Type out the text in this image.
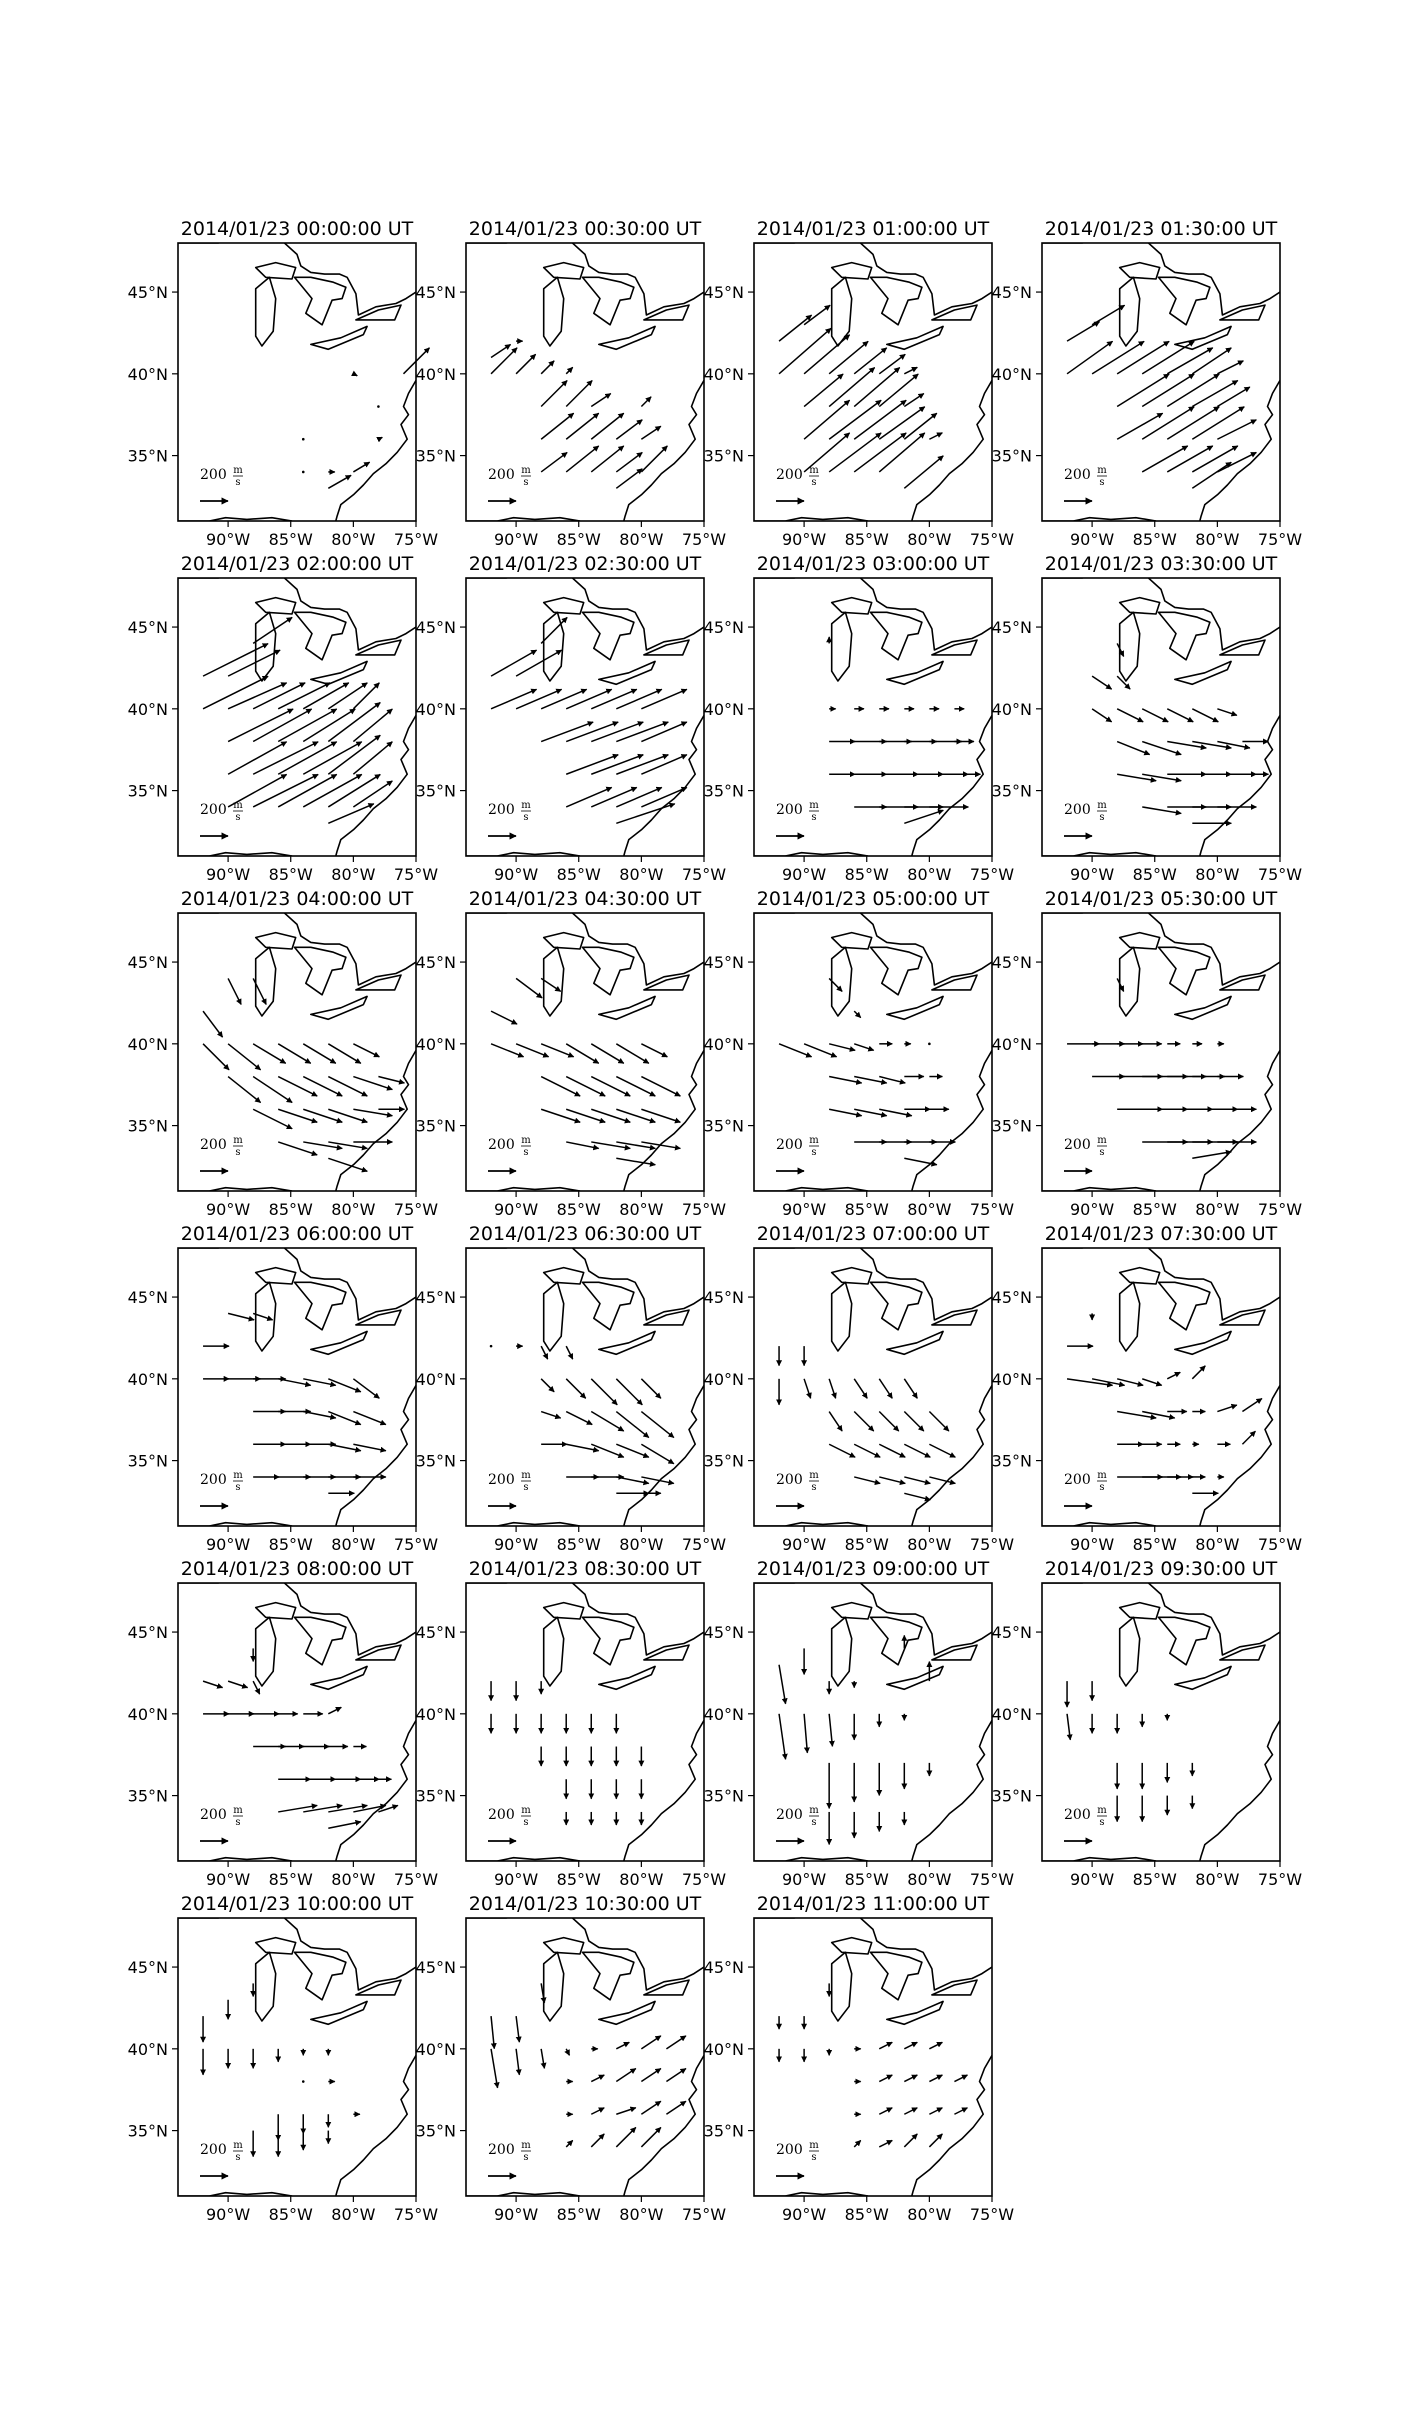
2014/01/23 00:00:00 UT
200 m
s
90°W 85°W 80°W 75°W
45°N
40°N
35°N
2014/01/23 00:30:00 UT
200 m
s
90°W 85°W 80°W 75°W
45°N
40°N
35°N
2014/01/23 01:00:00 UT
200 m
s
90°W 85°W 80°W 75°W
45°N
40°N
35°N
2014/01/23 01:30:00 UT
200 m
s
90°W 85°W 80°W 75°W
45°N
40°N
35°N
2014/01/23 02:00:00 UT
200 m
s
90°W 85°W 80°W 75°W
45°N
40°N
35°N
2014/01/23 02:30:00 UT
200 m
s
90°W 85°W 80°W 75°W
45°N
40°N
35°N
2014/01/23 03:00:00 UT
200 m
s
90°W 85°W 80°W 75°W
45°N
40°N
35°N
2014/01/23 03:30:00 UT
200 m
s
90°W 85°W 80°W 75°W
45°N
40°N
35°N
2014/01/23 04:00:00 UT
200 m
s
90°W 85°W 80°W 75°W
45°N
40°N
35°N
2014/01/23 04:30:00 UT
200 m
s
90°W 85°W 80°W 75°W
45°N
40°N
35°N
2014/01/23 05:00:00 UT
200 m
s
90°W 85°W 80°W 75°W
45°N
40°N
35°N
2014/01/23 05:30:00 UT
200 m
s
90°W 85°W 80°W 75°W
45°N
40°N
35°N
2014/01/23 06:00:00 UT
200 m
s
90°W 85°W 80°W 75°W
45°N
40°N
35°N
2014/01/23 06:30:00 UT
200 m
s
90°W 85°W 80°W 75°W
45°N
40°N
35°N
2014/01/23 07:00:00 UT
200 m
s
90°W 85°W 80°W 75°W
45°N
40°N
35°N
2014/01/23 07:30:00 UT
200 m
s
90°W 85°W 80°W 75°W
45°N
40°N
35°N
2014/01/23 08:00:00 UT
200 m
s
90°W 85°W 80°W 75°W
45°N
40°N
35°N
2014/01/23 08:30:00 UT
200 m
s
90°W 85°W 80°W 75°W
45°N
40°N
35°N
2014/01/23 09:00:00 UT
200 m
s
90°W 85°W 80°W 75°W
45°N
40°N
35°N
2014/01/23 09:30:00 UT
200 m
s
90°W 85°W 80°W 75°W
45°N
40°N
35°N
2014/01/23 10:00:00 UT
200 m
s
90°W 85°W 80°W 75°W
45°N
40°N
35°N
2014/01/23 10:30:00 UT
200 m
s
90°W 85°W 80°W 75°W
45°N
40°N
35°N
2014/01/23 11:00:00 UT
200 m
s
90°W 85°W 80°W 75°W
45°N
40°N
35°N
